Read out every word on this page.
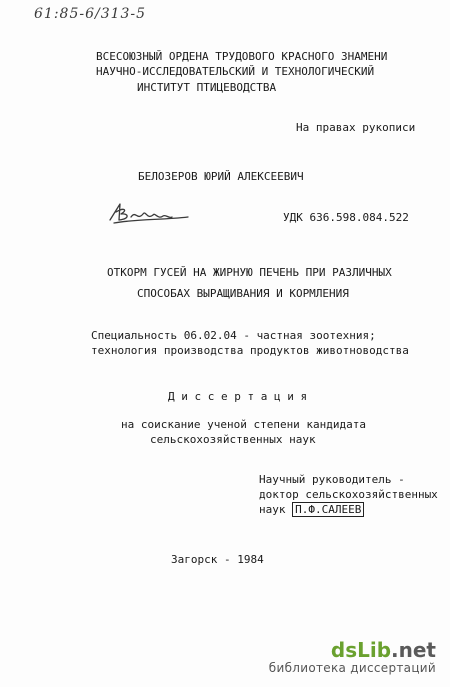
61:85-6/313-5
ВСЕСОЮЗНЫЙ ОРДЕНА ТРУДОВОГО КРАСНОГО ЗНАМЕНИ
НАУЧНО-ИССЛЕДОВАТЕЛЬСКИЙ И ТЕХНОЛОГИЧЕСКИЙ
ИНСТИТУТ ПТИЦЕВОДСТВА
На правах рукописи
БЕЛОЗЕРОВ ЮРИЙ АЛЕКСЕЕВИЧ
УДК 636.598.084.522
ОТКОРМ ГУСЕЙ НА ЖИРНУЮ ПЕЧЕНЬ ПРИ РАЗЛИЧНЫХ
СПОСОБАХ ВЫРАЩИВАНИЯ И КОРМЛЕНИЯ
Специальность 06.02.04 - частная зоотехния;
технология производства продуктов животноводства
Д и с с е р т а ц и я
на соискание ученой степени кандидата
сельскохозяйственных наук
Научный руководитель -
доктор сельскохозяйственных
наук П.Ф.САЛЕЕВ
Загорск - 1984
dsLib.net
библиотека диссертаций
